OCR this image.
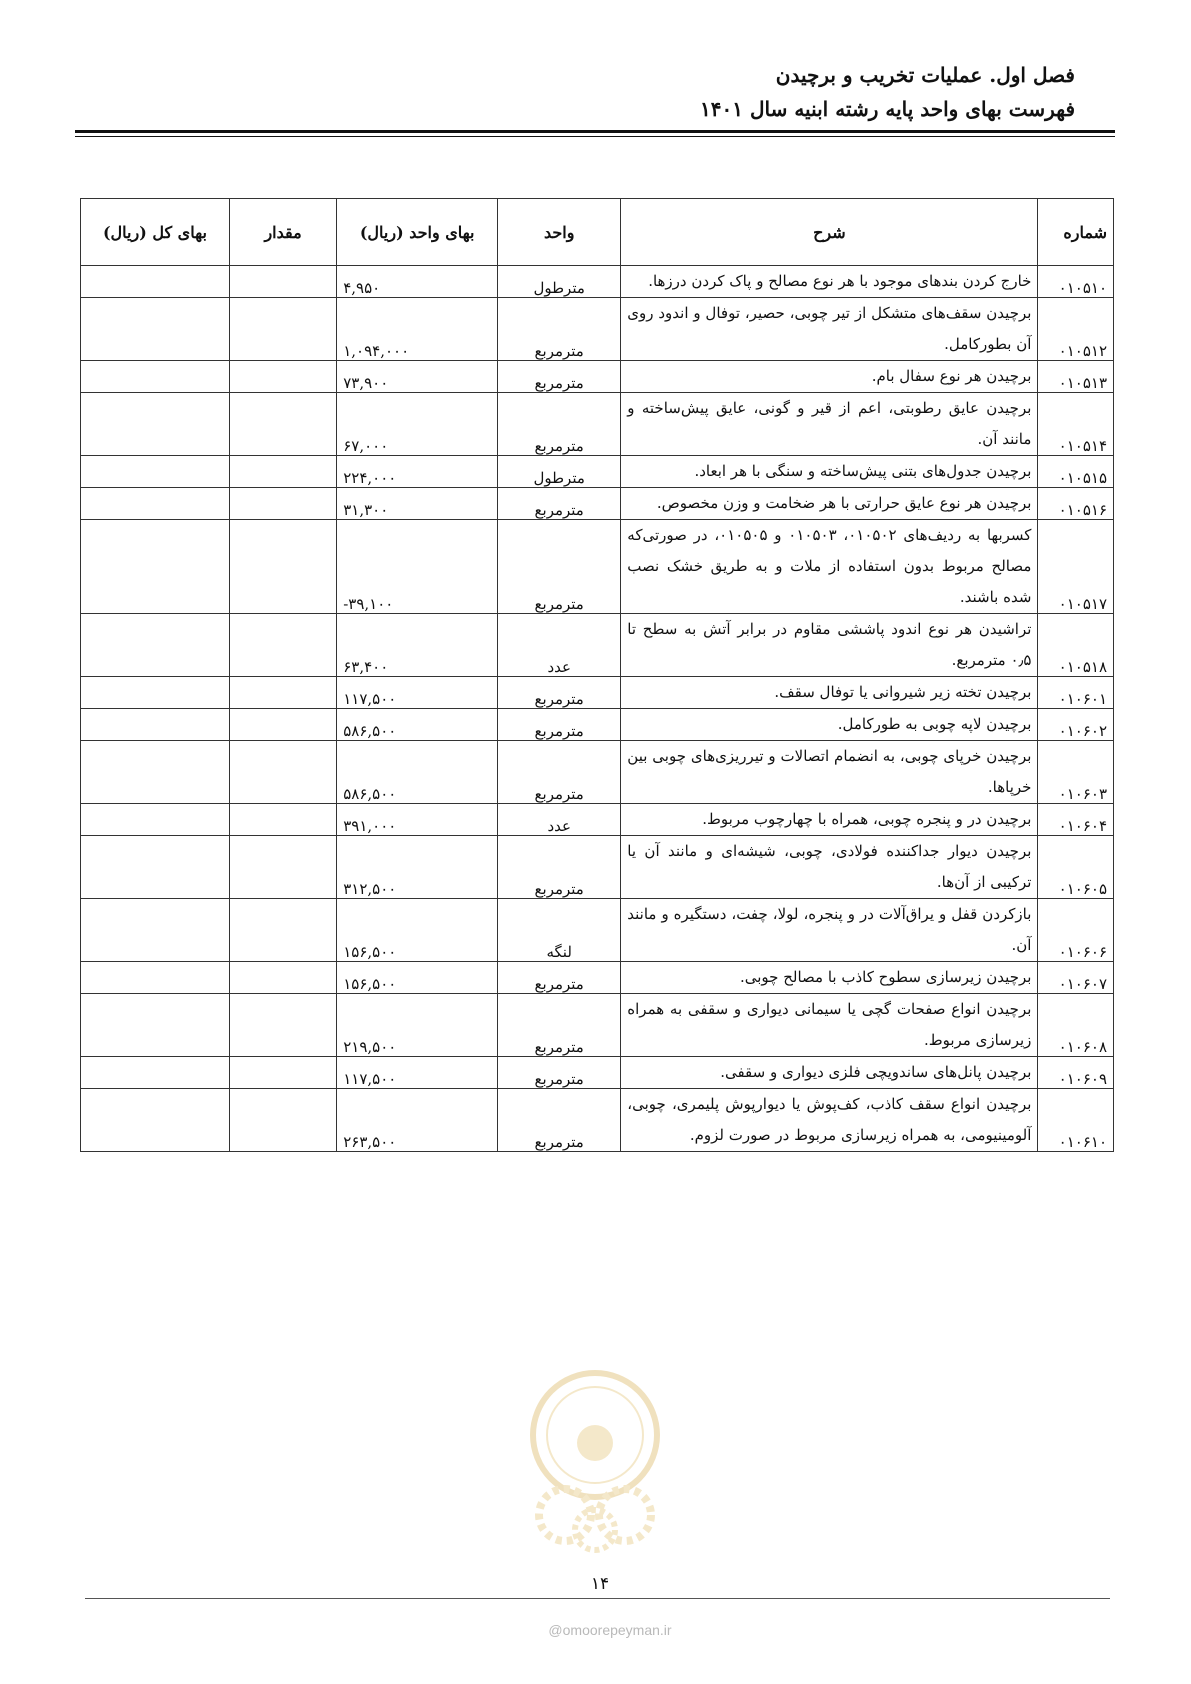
فصل اول. عملیات تخریب و برچیدن
فهرست بهای واحد پایه رشته ابنیه سال ۱۴۰۱
شماره	شرح	واحد	بهای واحد (ریال)	مقدار	بهای کل (ریال)
۰۱۰۵۱۰	خارج کردن بندهای موجود با هر نوع مصالح و پاک کردن درزها.	مترطول	۴,۹۵۰		
۰۱۰۵۱۲	برچیدن سقف‌های متشکل از تیر چوبی، حصیر، توفال و اندود روی آن بطورکامل.	مترمربع	۱,۰۹۴,۰۰۰		
۰۱۰۵۱۳	برچیدن هر نوع سفال بام.	مترمربع	۷۳,۹۰۰		
۰۱۰۵۱۴	برچیدن عایق رطوبتی، اعم از قیر و گونی، عایق پیش‌ساخته و مانند آن.	مترمربع	۶۷,۰۰۰		
۰۱۰۵۱۵	برچیدن جدول‌های بتنی پیش‌ساخته و سنگی با هر ابعاد.	مترطول	۲۲۴,۰۰۰		
۰۱۰۵۱۶	برچیدن هر نوع عایق حرارتی با هر ضخامت و وزن مخصوص.	مترمربع	۳۱,۳۰۰		
۰۱۰۵۱۷	کسربها به ردیف‌های ۰۱۰۵۰۲، ۰۱۰۵۰۳ و ۰۱۰۵۰۵، در صورتی‌که مصالح مربوط بدون استفاده از ملات و به طریق خشک نصب شده باشند.	مترمربع	-۳۹,۱۰۰		
۰۱۰۵۱۸	تراشیدن هر نوع اندود پاششی مقاوم در برابر آتش به سطح تا ۰٫۵ مترمربع.	عدد	۶۳,۴۰۰		
۰۱۰۶۰۱	برچیدن تخته زیر شیروانی یا توفال سقف.	مترمربع	۱۱۷,۵۰۰		
۰۱۰۶۰۲	برچیدن لاپه چوبی به طورکامل.	مترمربع	۵۸۶,۵۰۰		
۰۱۰۶۰۳	برچیدن خرپای چوبی، به انضمام اتصالات و تیرریزی‌های چوبی بین خرپاها.	مترمربع	۵۸۶,۵۰۰		
۰۱۰۶۰۴	برچیدن در و پنجره چوبی، همراه با چهارچوب مربوط.	عدد	۳۹۱,۰۰۰		
۰۱۰۶۰۵	برچیدن دیوار جداکننده فولادی، چوبی، شیشه‌ای و مانند آن یا ترکیبی از آن‌ها.	مترمربع	۳۱۲,۵۰۰		
۰۱۰۶۰۶	بازکردن قفل و یراق‌آلات در و پنجره، لولا، چفت، دستگیره و مانند آن.	لنگه	۱۵۶,۵۰۰		
۰۱۰۶۰۷	برچیدن زیرسازی سطوح کاذب با مصالح چوبی.	مترمربع	۱۵۶,۵۰۰		
۰۱۰۶۰۸	برچیدن انواع صفحات گچی یا سیمانی دیواری و سقفی به همراه زیرسازی مربوط.	مترمربع	۲۱۹,۵۰۰		
۰۱۰۶۰۹	برچیدن پانل‌های ساندویچی فلزی دیواری و سقفی.	مترمربع	۱۱۷,۵۰۰		
۰۱۰۶۱۰	برچیدن انواع سقف کاذب، کف‌پوش یا دیوارپوش پلیمری، چوبی، آلومینیومی، به همراه زیرسازی مربوط در صورت لزوم.	مترمربع	۲۶۳,۵۰۰		
۱۴
@omoorepeyman.ir
